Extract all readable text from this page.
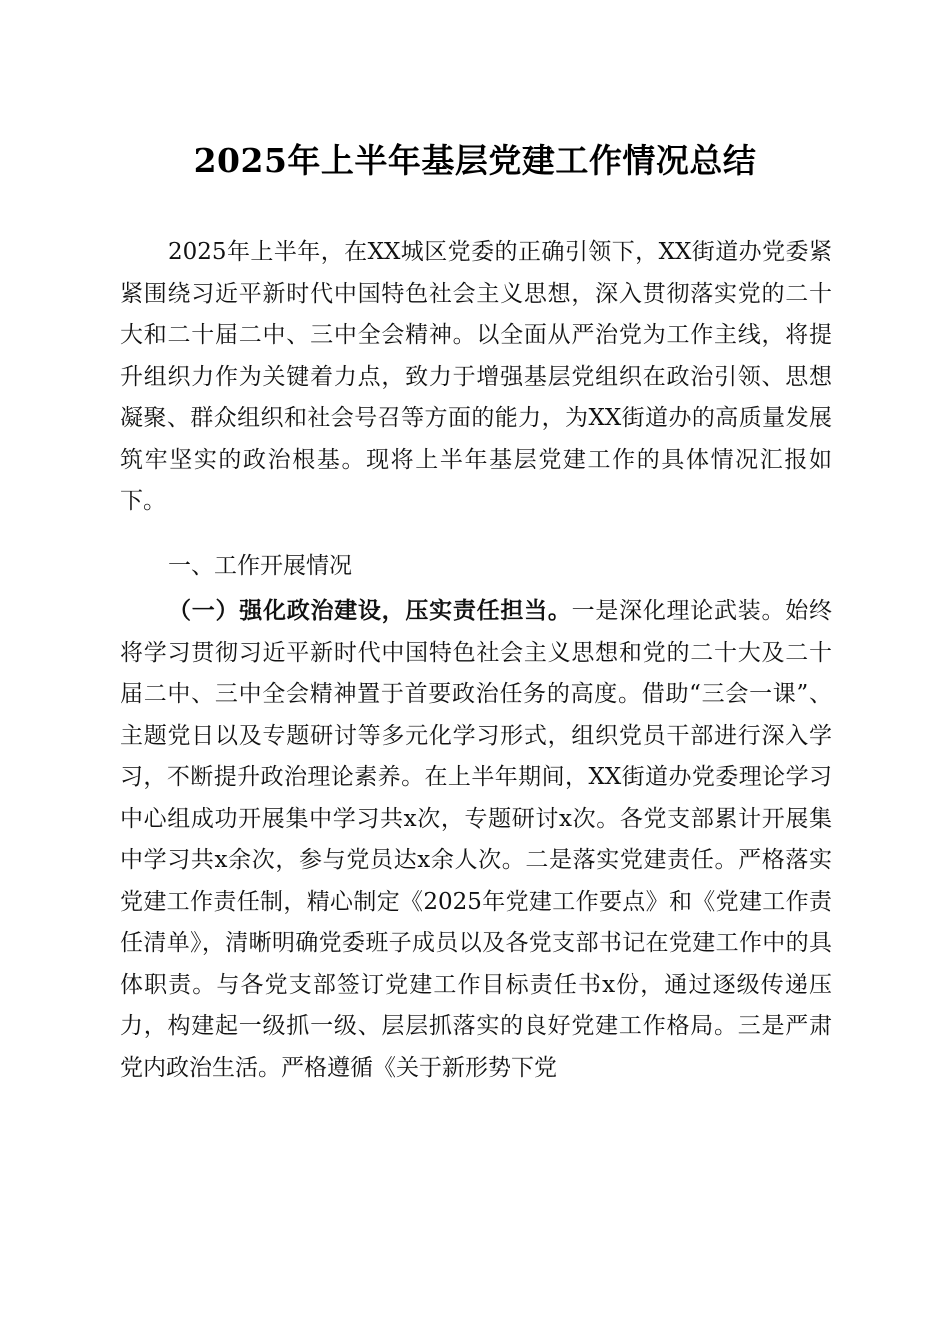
2025年上半年基层党建工作情况总结
2025年上半年，在XX城区党委的正确引领下，XX街道办党委紧紧围绕习近平新时代中国特色社会主义思想，深入贯彻落实党的二十大和二十届二中、三中全会精神。以全面从严治党为工作主线，将提升组织力作为关键着力点，致力于增强基层党组织在政治引领、思想凝聚、群众组织和社会号召等方面的能力，为XX街道办的高质量发展筑牢坚实的政治根基。现将上半年基层党建工作的具体情况汇报如下。
一、工作开展情况
（一）强化政治建设，压实责任担当。一是深化理论武装。始终将学习贯彻习近平新时代中国特色社会主义思想和党的二十大及二十届二中、三中全会精神置于首要政治任务的高度。借助“三会一课”、主题党日以及专题研讨等多元化学习形式，组织党员干部进行深入学习，不断提升政治理论素养。在上半年期间，XX街道办党委理论学习中心组成功开展集中学习共x次，专题研讨x次。各党支部累计开展集中学习共x余次，参与党员达x余人次。二是落实党建责任。严格落实党建工作责任制，精心制定《2025年党建工作要点》和《党建工作责任清单》，清晰明确党委班子成员以及各党支部书记在党建工作中的具体职责。与各党支部签订党建工作目标责任书x份，通过逐级传递压力，构建起一级抓一级、层层抓落实的良好党建工作格局。三是严肃党内政治生活。严格遵循《关于新形势下党
